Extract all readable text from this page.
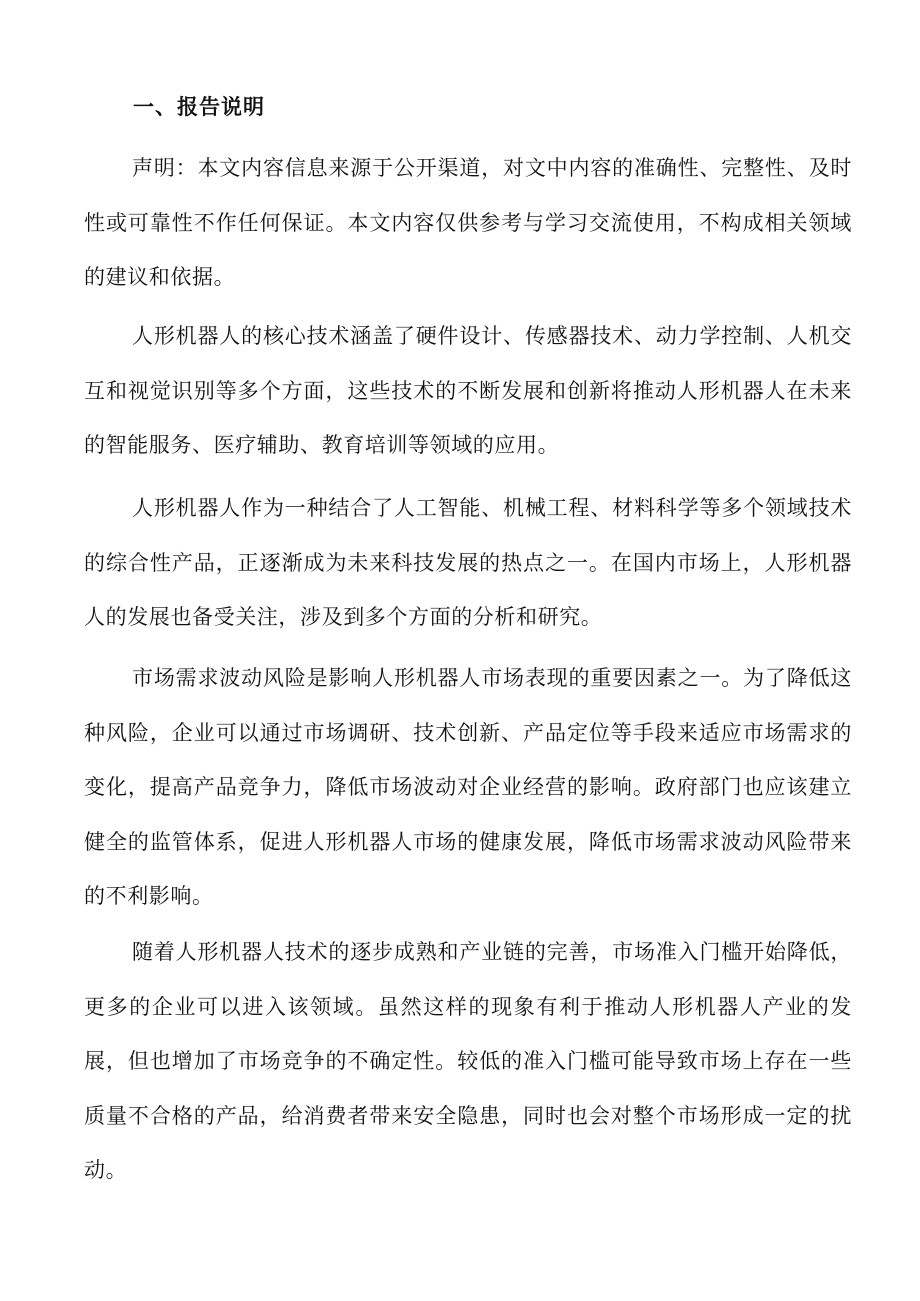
一、报告说明

声明：本文内容信息来源于公开渠道，对文中内容的准确性、完整性、及时性或可靠性不作任何保证。本文内容仅供参考与学习交流使用，不构成相关领域的建议和依据。

人形机器人的核心技术涵盖了硬件设计、传感器技术、动力学控制、人机交互和视觉识别等多个方面，这些技术的不断发展和创新将推动人形机器人在未来的智能服务、医疗辅助、教育培训等领域的应用。

人形机器人作为一种结合了人工智能、机械工程、材料科学等多个领域技术的综合性产品，正逐渐成为未来科技发展的热点之一。在国内市场上，人形机器人的发展也备受关注，涉及到多个方面的分析和研究。

市场需求波动风险是影响人形机器人市场表现的重要因素之一。为了降低这种风险，企业可以通过市场调研、技术创新、产品定位等手段来适应市场需求的变化，提高产品竞争力，降低市场波动对企业经营的影响。政府部门也应该建立健全的监管体系，促进人形机器人市场的健康发展，降低市场需求波动风险带来的不利影响。

随着人形机器人技术的逐步成熟和产业链的完善，市场准入门槛开始降低，更多的企业可以进入该领域。虽然这样的现象有利于推动人形机器人产业的发展，但也增加了市场竞争的不确定性。较低的准入门槛可能导致市场上存在一些质量不合格的产品，给消费者带来安全隐患，同时也会对整个市场形成一定的扰动。
